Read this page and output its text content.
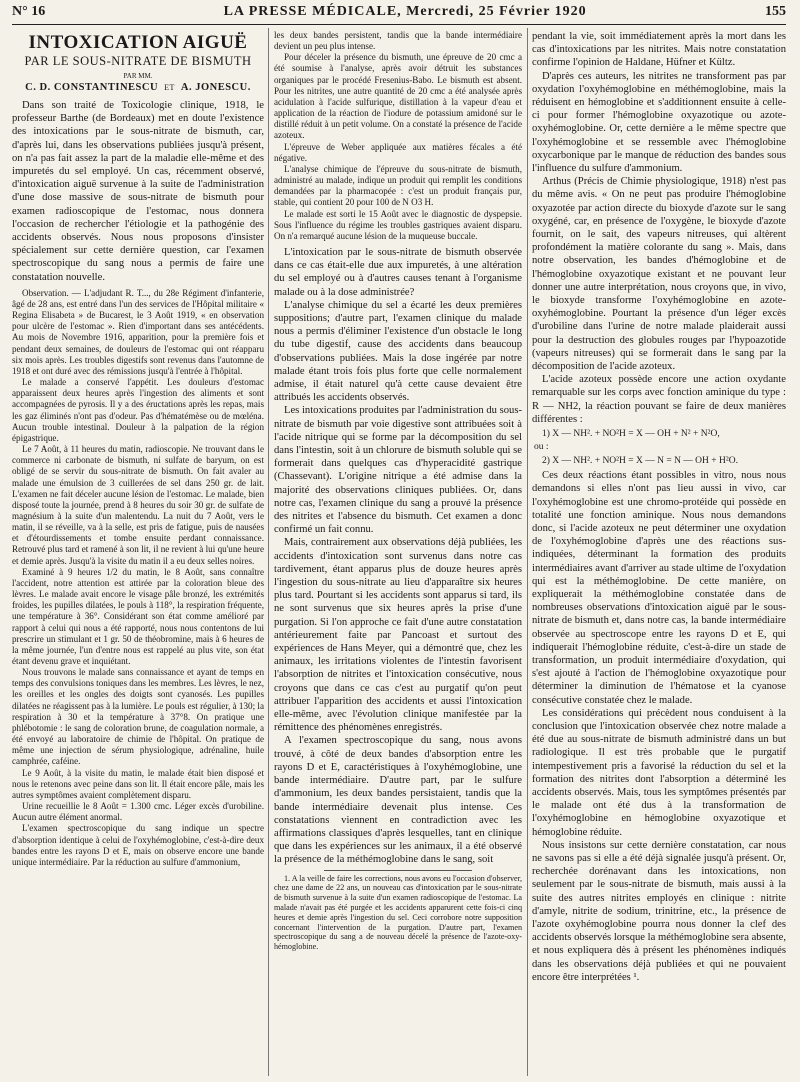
N° 16	LA PRESSE MÉDICALE, Mercredi, 25 Février 1920	155
INTOXICATION AIGUË
PAR LE SOUS-NITRATE DE BISMUTH
PAR MM.
C. D. CONSTANTINESCU ET A. JONESCU.

Dans son traité de Toxicologie clinique, 1918, le professeur Barthe (de Bordeaux) met en doute l'existence des intoxications par le sous-nitrate de bismuth, car, d'après lui, dans les observations publiées jusqu'à présent, on n'a pas fait assez la part de la maladie elle-même et des impuretés du sel employé. Un cas, récemment observé, d'intoxication aiguë survenue à la suite de l'administration d'une dose massive de sous-nitrate de bismuth pour examen radioscopique de l'estomac, nous donnera l'occasion de rechercher l'étiologie et la pathogénie des accidents observés. Nous nous proposons d'insister spécialement sur cette dernière question, car l'examen spectroscopique du sang nous a permis de faire une constatation nouvelle.

Observation. — L'adjudant R. T..., du 28e Régiment d'infanterie, âgé de 28 ans, est entré dans l'un des services de l'Hôpital militaire « Regina Elisabeta » de Bucarest, le 3 Août 1919, « en observation pour ulcère de l'estomac ». Rien d'important dans ses antécédents. Au mois de Novembre 1916, apparition, pour la première fois et pendant deux semaines, de douleurs de l'estomac qui ont réapparu six mois après. Les troubles digestifs sont revenus dans l'automne de 1918 et ont duré avec des rémissions jusqu'à l'entrée à l'hôpital.

Le malade a conservé l'appétit. Les douleurs d'estomac apparaissent deux heures après l'ingestion des aliments et sont accompagnées de pyrosis. Il y a des éructations après les repas, mais les gaz éliminés n'ont pas d'odeur. Pas d'hématémèse ou de mœléna. Aucun trouble intestinal. Douleur à la palpation de la région épigastrique.

Le 7 Août, à 11 heures du matin, radioscopie. Ne trouvant dans le commerce ni carbonate de bismuth, ni sulfate de baryum, on est obligé de se servir du sous-nitrate de bismuth. On fait avaler au malade une émulsion de 3 cuillerées de sel dans 250 gr. de lait. L'examen ne fait déceler aucune lésion de l'estomac. Le malade, bien disposé toute la journée, prend à 8 heures du soir 30 gr. de sulfate de magnésium à la suite d'un malentendu. La nuit du 7 Août, vers le matin, il se réveille, va à la selle, est pris de fatigue, puis de nausées et d'étourdissements et tombe ensuite perdant connaissance. Retrouvé plus tard et ramené à son lit, il ne revient à lui qu'une heure et demie après. Jusqu'à la visite du matin il a eu deux selles noires.

Examiné à 9 heures 1/2 du matin, le 8 Août, sans connaître l'accident, notre attention est attirée par la coloration bleue des lèvres. Le malade avait encore le visage pâle bronzé, les extrémités froides, les pupilles dilatées, le pouls à 118°, la respiration fréquente, une température à 36°. Considérant son état comme amélioré par rapport à celui qui nous a été rapporté, nous nous contentons de lui prescrire un stimulant et 1 gr. 50 de théobromine, mais à 6 heures de la même journée, l'un d'entre nous est rappelé au plus vite, son état étant devenu grave et inquiétant.

Nous trouvons le malade sans connaissance et ayant de temps en temps des convulsions toniques dans les membres. Les lèvres, le nez, les oreilles et les ongles des doigts sont cyanosés. Les pupilles dilatées ne réagissent pas à la lumière. Le pouls est régulier, à 130; la respiration à 30 et la température à 37°8. On pratique une phlébotomie : le sang de coloration brune, de coagulation normale, a été envoyé au laboratoire de chimie de l'hôpital. On pratique de même une injection de sérum physiologique, adrénaline, huile camphrée, caféine.

Le 9 Août, à la visite du matin, le malade était bien disposé et nous le retenons avec peine dans son lit. Il était encore pâle, mais les autres symptômes avaient complètement disparu.

Urine recueillie le 8 Août = 1.300 cmc. Léger excès d'urobiline. Aucun autre élément anormal.

L'examen spectroscopique du sang indique un spectre d'absorption identique à celui de l'oxyhémoglobine, c'est-à-dire deux bandes entre les rayons D et E, mais on observe encore une bande unique intermédiaire. Par la réduction au sulfure d'ammonium,

les deux bandes persistent, tandis que la bande intermédiaire devient un peu plus intense.

Pour déceler la présence du bismuth, une épreuve de 20 cmc a été soumise à l'analyse, après avoir détruit les substances organiques par le procédé Fresenius-Babo. Le bismuth est absent. Pour les nitrites, une autre quantité de 20 cmc a été analysée après acidulation à l'acide sulfurique, distillation à la vapeur d'eau et application de la réaction de l'iodure de potassium amidoné sur le distillé réduit à un petit volume. On a constaté la présence de l'acide azoteux.

L'épreuve de Weber appliquée aux matières fécales a été négative.

L'analyse chimique de l'épreuve du sous-nitrate de bismuth, administré au malade, indique un produit qui remplit les conditions demandées par la pharmacopée : c'est un produit français pur, stable, qui contient 20 pour 100 de N O3 H.

Le malade est sorti le 15 Août avec le diagnostic de dyspepsie. Sous l'influence du régime les troubles gastriques avaient disparu. On n'a remarqué aucune lésion de la muqueuse buccale.

L'intoxication par le sous-nitrate de bismuth observée dans ce cas était-elle due aux impuretés, à une altération du sel employé ou à d'autres causes tenant à l'organisme malade ou à la dose administrée?

L'analyse chimique du sel a écarté les deux premières suppositions; d'autre part, l'examen clinique du malade nous a permis d'éliminer l'existence d'un obstacle le long du tube digestif, cause des accidents dans beaucoup d'observations publiées. Mais la dose ingérée par notre malade étant trois fois plus forte que celle normalement admise, il était naturel qu'à cette cause devaient être attribués les accidents observés.

Les intoxications produites par l'administration du sous-nitrate de bismuth par voie digestive sont attribuées soit à l'acide nitrique qui se forme par la décomposition du sel dans l'intestin, soit à un chlorure de bismuth soluble qui se formerait dans quelques cas d'hyperacidité gastrique (Chassevant). L'origine nitrique a été admise dans la majorité des observations cliniques publiées. Or, dans notre cas, l'examen clinique du sang a prouvé la présence des nitrites et l'absence du bismuth. Cet examen a donc confirmé un fait connu.

Mais, contrairement aux observations déjà publiées, les accidents d'intoxication sont survenus dans notre cas tardivement, étant apparus plus de douze heures après l'ingestion du sous-nitrate au lieu d'apparaître six heures plus tard. Pourtant si les accidents sont apparus si tard, ils ne sont survenus que six heures après la prise d'une purgation. Si l'on approche ce fait d'une autre constatation antérieurement faite par Pancoast et surtout des expériences de Hans Meyer, qui a démontré que, chez les animaux, les irritations violentes de l'intestin favorisent l'absorption de nitrites et l'intoxication consécutive, nous croyons que dans ce cas c'est au purgatif qu'on peut attribuer l'apparition des accidents et aussi l'intoxication elle-même, avec l'évolution clinique manifestée par la rémittence des phénomènes enregistrés.

A l'examen spectroscopique du sang, nous avons trouvé, à côté de deux bandes d'absorption entre les rayons D et E, caractéristiques à l'oxyhémoglobine, une bande intermédiaire. D'autre part, par le sulfure d'ammonium, les deux bandes persistaient, tandis que la bande intermédiaire devenait plus intense. Ces constatations viennent en contradiction avec les affirmations classiques d'après lesquelles, tant en clinique que dans les expériences sur les animaux, il a été observé la présence de la méthémoglobine dans le sang, soit

1. A la veille de faire les corrections, nous avons eu l'occasion d'observer, chez une dame de 22 ans, un nouveau cas d'intoxication par le sous-nitrate de bismuth survenue à la suite d'un examen radioscopique de l'estomac. La malade n'avait pas été purgée et les accidents apparurent cette fois-ci cinq heures et demie après l'ingestion du sel. Ceci corrobore notre supposition concernant l'intervention de la purgation. D'autre part, l'examen spectroscopique du sang a de nouveau décelé la présence de l'azote-oxy-hémoglobine.

pendant la vie, soit immédiatement après la mort dans les cas d'intoxications par les nitrites. Mais notre constatation confirme l'opinion de Haldane, Hüfner et Kültz.

D'après ces auteurs, les nitrites ne transforment pas par oxydation l'oxyhémoglobine en méthémoglobine, mais la réduisent en hémoglobine et s'additionnent ensuite à celle-ci pour former l'hémoglobine oxyazotique ou azote-oxyhémoglobine. Or, cette dernière a le même spectre que l'oxyhémoglobine et se ressemble avec l'hémoglobine oxycarbonique par le manque de réduction des bandes sous l'influence du sulfure d'ammonium.

Arthus (Précis de Chimie physiologique, 1918) n'est pas du même avis. « On ne peut pas produire l'hémoglobine oxyazotée par action directe du bioxyde d'azote sur le sang oxygéné, car, en présence de l'oxygène, le bioxyde d'azote fournit, on le sait, des vapeurs nitreuses, qui altèrent profondément la matière colorante du sang ». Mais, dans notre observation, les bandes d'hémoglobine et de l'hémoglobine oxyazotique existant et ne pouvant leur donner une autre interprétation, nous croyons que, in vivo, le bioxyde transforme l'oxyhémoglobine en azote-oxyhémoglobine. Pourtant la présence d'un léger excès d'urobiline dans l'urine de notre malade plaiderait aussi pour la destruction des globules rouges par l'hypoazotide (vapeurs nitreuses) qui se formerait dans le sang par la décomposition de l'acide azoteux.

L'acide azoteux possède encore une action oxydante remarquable sur les corps avec fonction aminique du type : R — NH2, la réaction pouvant se faire de deux manières différentes :

1) X — NH². + NO²H = X — OH + N² + N²O,
ou :
2) X — NH². + NO²H = X — N = N — OH + H²O.

Ces deux réactions étant possibles in vitro, nous nous demandons si elles n'ont pas lieu aussi in vivo, car l'oxyhémoglobine est une chromo-protéide qui possède en totalité une fonction aminique. Nous nous demandons donc, si l'acide azoteux ne peut déterminer une oxydation de l'oxyhémoglobine d'après une des réactions sus-indiquées, déterminant la formation des produits intermédiaires avant d'arriver au stade ultime de l'oxydation qui est la méthémoglobine. De cette manière, on expliquerait la méthémoglobine constatée dans de nombreuses observations d'intoxication aiguë par le sous-nitrate de bismuth et, dans notre cas, la bande intermédiaire observée au spectroscope entre les rayons D et E, qui indiquerait l'hémoglobine réduite, c'est-à-dire un stade de transformation, un produit intermédiaire d'oxydation, qui s'est ajouté à l'action de l'hémoglobine oxyazotique pour déterminer la diminution de l'hématose et la cyanose consécutive constatée chez le malade.

Les considérations qui précèdent nous conduisent à la conclusion que l'intoxication observée chez notre malade a été due au sous-nitrate de bismuth administré dans un but radiologique. Il est très probable que le purgatif intempestivement pris a favorisé la réduction du sel et la formation des nitrites dont l'absorption a déterminé les accidents observés. Mais, tous les symptômes présentés par le malade ont été dus à la transformation de l'oxyhémoglobine en hémoglobine oxyazotique et hémoglobine réduite.

Nous insistons sur cette dernière constatation, car nous ne savons pas si elle a été déjà signalée jusqu'à présent. Or, recherchée dorénavant dans les intoxications, non seulement par le sous-nitrate de bismuth, mais aussi à la suite des autres nitrites employés en clinique : nitrite d'amyle, nitrite de sodium, trinitrine, etc., la présence de l'azote oxyhémoglobine pourra nous donner la clef des accidents observés lorsque la méthémoglobine sera absente, et nous expliquera dès à présent les phénomènes indiqués dans les observations déjà publiées et qui ne pouvaient encore être interprétées ¹.
